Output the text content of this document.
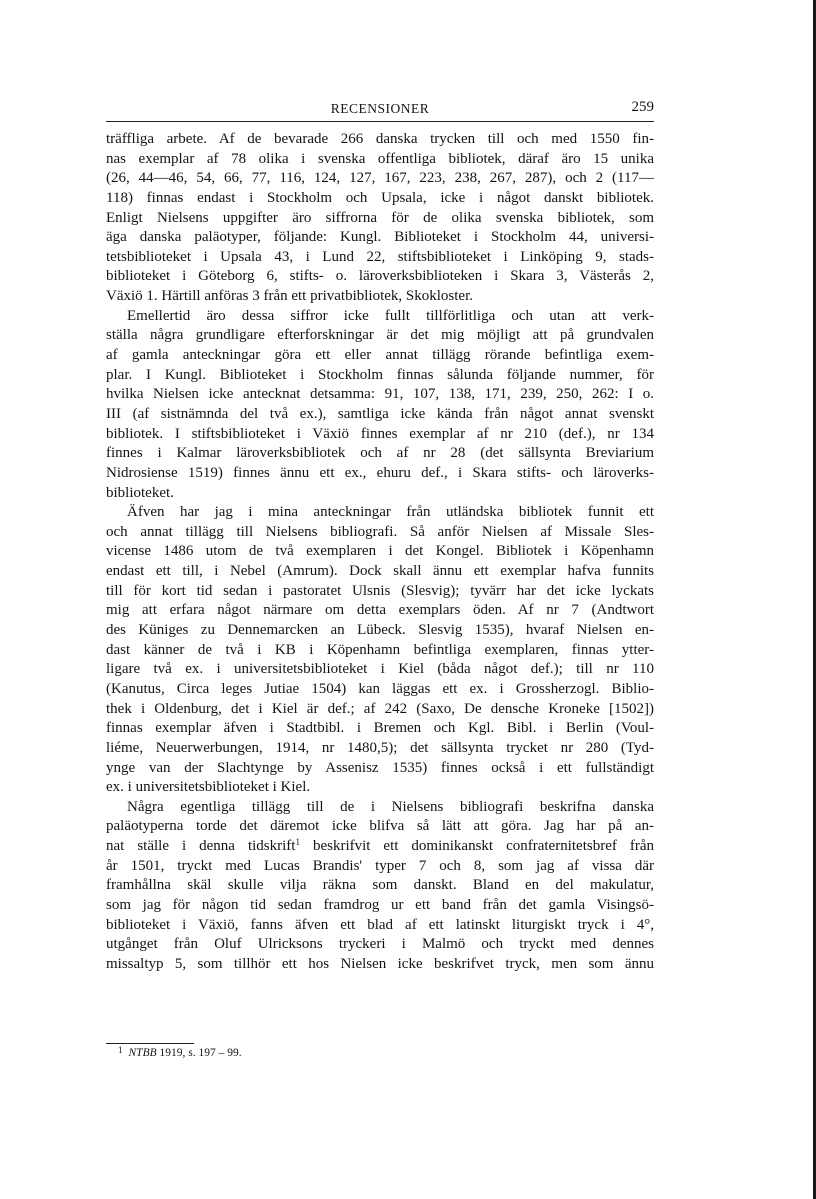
RECENSIONER	259
träffliga arbete. Af de bevarade 266 danska trycken till och med 1550 fin-
nas exemplar af 78 olika i svenska offentliga bibliotek, däraf äro 15 unika
(26, 44—46, 54, 66, 77, 116, 124, 127, 167, 223, 238, 267, 287), och 2 (117—
118) finnas endast i Stockholm och Upsala, icke i något danskt bibliotek.
Enligt Nielsens uppgifter äro siffrorna för de olika svenska bibliotek, som
äga danska paläotyper, följande: Kungl. Biblioteket i Stockholm 44, universi-
tetsbiblioteket i Upsala 43, i Lund 22, stiftsbiblioteket i Linköping 9, stads-
biblioteket i Göteborg 6, stifts- o. läroverksbiblioteken i Skara 3, Västerås 2,
Växiö 1. Härtill anföras 3 från ett privatbibliotek, Skokloster.
Emellertid äro dessa siffror icke fullt tillförlitliga och utan att verk-
ställa några grundligare efterforskningar är det mig möjligt att på grundvalen
af gamla anteckningar göra ett eller annat tillägg rörande befintliga exem-
plar. I Kungl. Biblioteket i Stockholm finnas sålunda följande nummer, för
hvilka Nielsen icke antecknat detsamma: 91, 107, 138, 171, 239, 250, 262: I o.
III (af sistnämnda del två ex.), samtliga icke kända från något annat svenskt
bibliotek. I stiftsbiblioteket i Växiö finnes exemplar af nr 210 (def.), nr 134
finnes i Kalmar läroverksbibliotek och af nr 28 (det sällsynta Breviarium
Nidrosiense 1519) finnes ännu ett ex., ehuru def., i Skara stifts- och läroverks-
biblioteket.
Äfven har jag i mina anteckningar från utländska bibliotek funnit ett
och annat tillägg till Nielsens bibliografi. Så anför Nielsen af Missale Sles-
vicense 1486 utom de två exemplaren i det Kongel. Bibliotek i Köpenhamn
endast ett till, i Nebel (Amrum). Dock skall ännu ett exemplar hafva funnits
till för kort tid sedan i pastoratet Ulsnis (Slesvig); tyvärr har det icke lyckats
mig att erfara något närmare om detta exemplars öden. Af nr 7 (Andtwort
des Küniges zu Dennemarcken an Lübeck. Slesvig 1535), hvaraf Nielsen en-
dast känner de två i KB i Köpenhamn befintliga exemplaren, finnas ytter-
ligare två ex. i universitetsbiblioteket i Kiel (båda något def.); till nr 110
(Kanutus, Circa leges Jutiae 1504) kan läggas ett ex. i Grossherzogl. Biblio-
thek i Oldenburg, det i Kiel är def.; af 242 (Saxo, De densche Kroneke [1502])
finnas exemplar äfven i Stadtbibl. i Bremen och Kgl. Bibl. i Berlin (Voul-
liéme, Neuerwerbungen, 1914, nr 1480,5); det sällsynta trycket nr 280 (Tyd-
ynge van der Slachtynge by Assenisz 1535) finnes också i ett fullständigt
ex. i universitetsbiblioteket i Kiel.
Några egentliga tillägg till de i Nielsens bibliografi beskrifna danska
paläotyperna torde det däremot icke blifva så lätt att göra. Jag har på an-
nat ställe i denna tidskrift$^1$ beskrifvit ett dominikanskt confraternitetsbref från
år 1501, tryckt med Lucas Brandis' typer 7 och 8, som jag af vissa där
framhållna skäl skulle vilja räkna som danskt. Bland en del makulatur,
som jag för någon tid sedan framdrog ur ett band från det gamla Visingsö-
biblioteket i Växiö, fanns äfven ett blad af ett latinskt liturgiskt tryck i 4°,
utgånget från Oluf Ulricksons tryckeri i Malmö och tryckt med dennes
missaltyp 5, som tillhör ett hos Nielsen icke beskrifvet tryck, men som ännu
$^1$ NTBB 1919, s. 197 – 99.
